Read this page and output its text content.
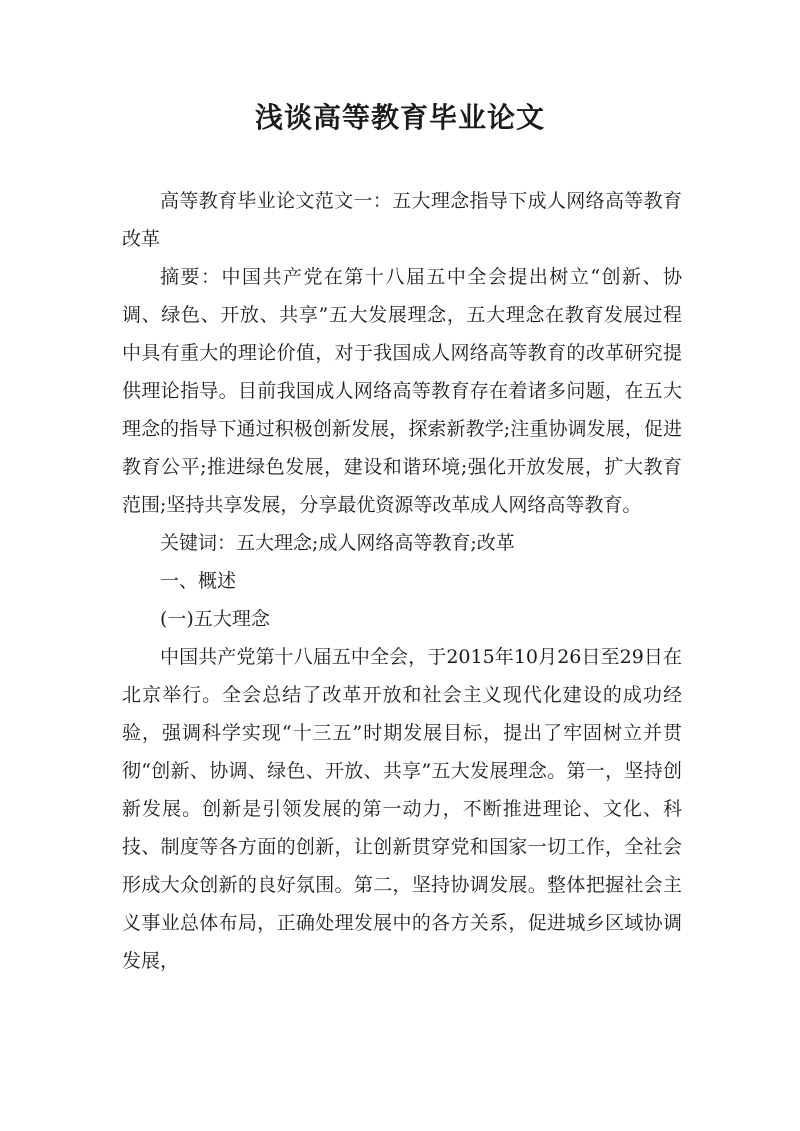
浅谈高等教育毕业论文

高等教育毕业论文范文一：五大理念指导下成人网络高等教育改革

摘要：中国共产党在第十八届五中全会提出树立“创新、协调、绿色、开放、共享”五大发展理念，五大理念在教育发展过程中具有重大的理论价值，对于我国成人网络高等教育的改革研究提供理论指导。目前我国成人网络高等教育存在着诸多问题，在五大理念的指导下通过积极创新发展，探索新教学;注重协调发展，促进教育公平;推进绿色发展，建设和谐环境;强化开放发展，扩大教育范围;坚持共享发展，分享最优资源等改革成人网络高等教育。

关键词：五大理念;成人网络高等教育;改革

一、概述

(一)五大理念

中国共产党第十八届五中全会，于2015年10月26日至29日在北京举行。全会总结了改革开放和社会主义现代化建设的成功经验，强调科学实现“十三五”时期发展目标，提出了牢固树立并贯彻“创新、协调、绿色、开放、共享”五大发展理念。第一，坚持创新发展。创新是引领发展的第一动力，不断推进理论、文化、科技、制度等各方面的创新，让创新贯穿党和国家一切工作，全社会形成大众创新的良好氛围。第二，坚持协调发展。整体把握社会主义事业总体布局，正确处理发展中的各方关系，促进城乡区域协调发展，
